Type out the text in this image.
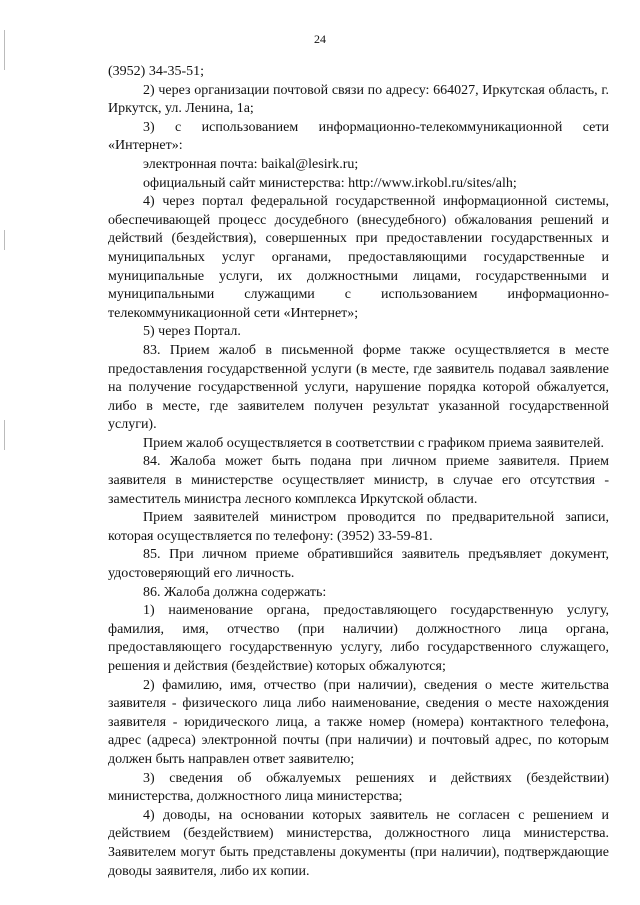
24

(3952) 34-35-51;

2) через организации почтовой связи по адресу: 664027, Иркутская область, г. Иркутск, ул. Ленина, 1а;

3) с использованием информационно-телекоммуникационной сети «Интернет»:

электронная почта: baikal@lesirk.ru;

официальный сайт министерства: http://www.irkobl.ru/sites/alh;

4) через портал федеральной государственной информационной системы, обеспечивающей процесс досудебного (внесудебного) обжалования решений и действий (бездействия), совершенных при предоставлении государственных и муниципальных услуг органами, предоставляющими государственные и муниципальные услуги, их должностными лицами, государственными и муниципальными служащими с использованием информационно-телекоммуникационной сети «Интернет»;

5) через Портал.

83. Прием жалоб в письменной форме также осуществляется в месте предоставления государственной услуги (в месте, где заявитель подавал заявление на получение государственной услуги, нарушение порядка которой обжалуется, либо в месте, где заявителем получен результат указанной государственной услуги).

Прием жалоб осуществляется в соответствии с графиком приема заявителей.

84. Жалоба может быть подана при личном приеме заявителя. Прием заявителя в министерстве осуществляет министр, в случае его отсутствия - заместитель министра лесного комплекса Иркутской области.

Прием заявителей министром проводится по предварительной записи, которая осуществляется по телефону: (3952) 33-59-81.

85. При личном приеме обратившийся заявитель предъявляет документ, удостоверяющий его личность.

86. Жалоба должна содержать:

1) наименование органа, предоставляющего государственную услугу, фамилия, имя, отчество (при наличии) должностного лица органа, предоставляющего государственную услугу, либо государственного служащего, решения и действия (бездействие) которых обжалуются;

2) фамилию, имя, отчество (при наличии), сведения о месте жительства заявителя - физического лица либо наименование, сведения о месте нахождения заявителя - юридического лица, а также номер (номера) контактного телефона, адрес (адреса) электронной почты (при наличии) и почтовый адрес, по которым должен быть направлен ответ заявителю;

3) сведения об обжалуемых решениях и действиях (бездействии) министерства, должностного лица министерства;

4) доводы, на основании которых заявитель не согласен с решением и действием (бездействием) министерства, должностного лица министерства. Заявителем могут быть представлены документы (при наличии), подтверждающие доводы заявителя, либо их копии.
